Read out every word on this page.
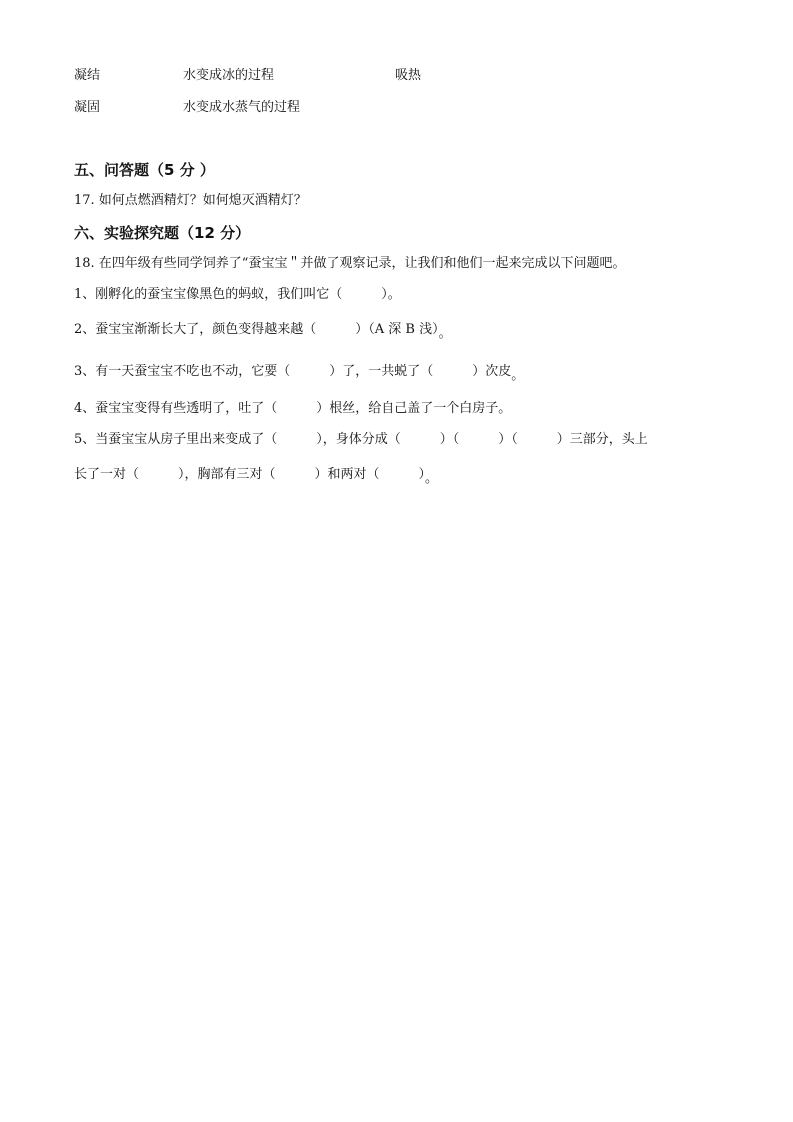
凝结	水变成冰的过程	吸热
凝固	水变成水蒸气的过程
五、问答题（5 分 ）
17. 如何点燃酒精灯？如何熄灭酒精灯？
六、实验探究题（12 分）
18. 在四年级有些同学饲养了“蚕宝宝＂并做了观察记录，让我们和他们一起来完成以下问题吧。
1、刚孵化的蚕宝宝像黑色的蚂蚁，我们叫它（　　　）。
2、蚕宝宝渐渐长大了，颜色变得越来越（　　　）（A 深 B 浅）。
3、有一天蚕宝宝不吃也不动，它要（　　　）了，一共蜕了（　　　）次皮。
4、蚕宝宝变得有些透明了，吐了（　　　）根丝，给自己盖了一个白房子。
5、当蚕宝宝从房子里出来变成了（　　　），身体分成（　　　）（　　　）（　　　）三部分，头上
长了一对（　　　），胸部有三对（　　　）和两对（　　　）。
